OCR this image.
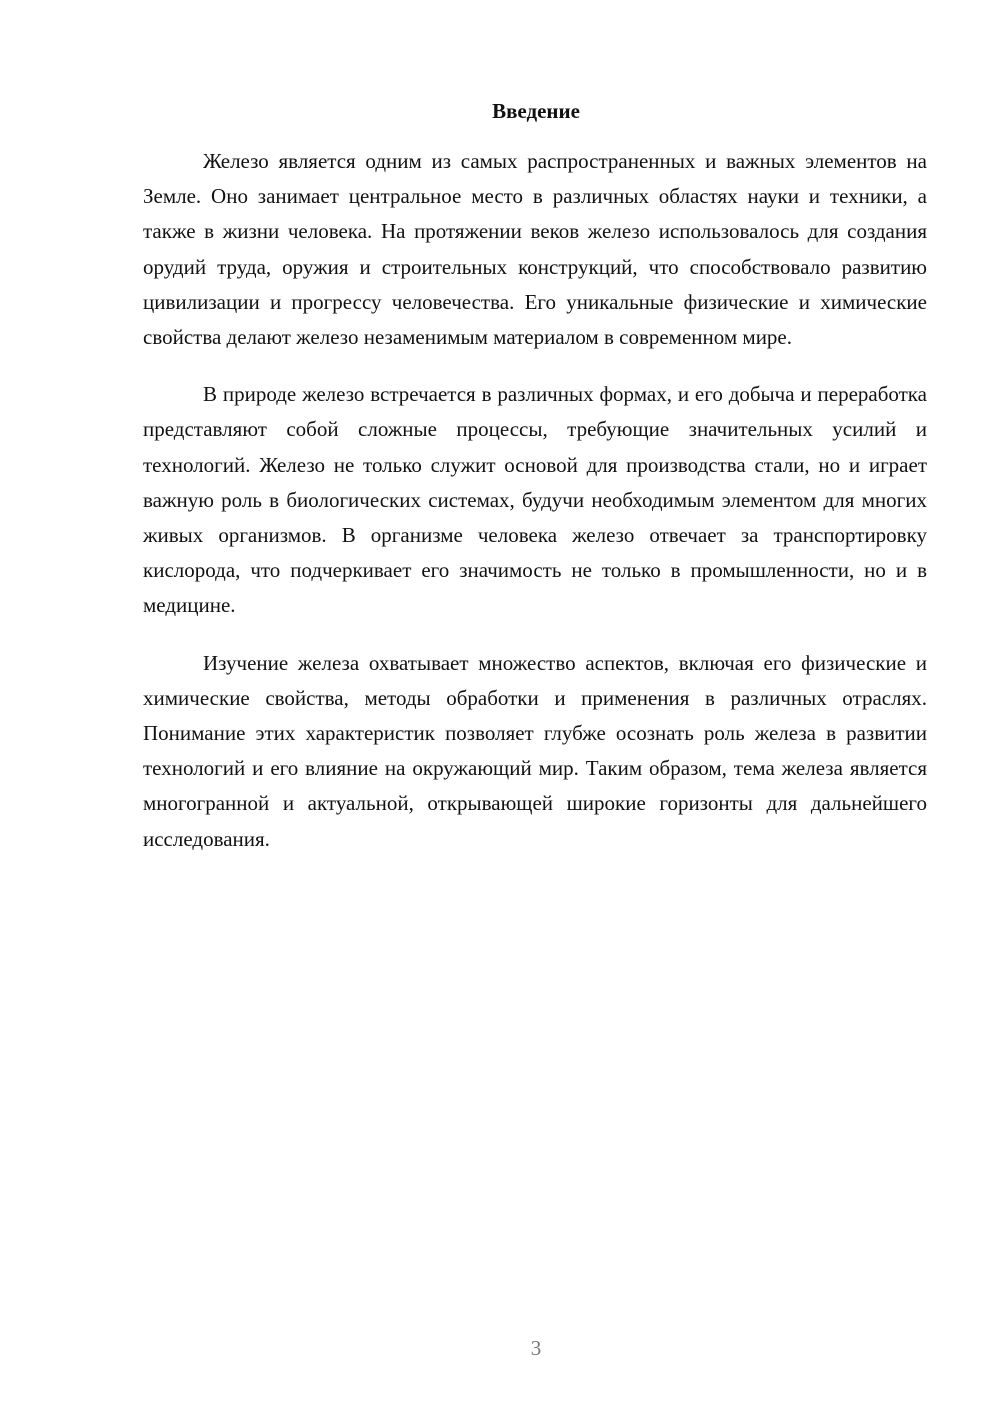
Введение

Железо является одним из самых распространенных и важных элементов на Земле. Оно занимает центральное место в различных областях науки и техники, а также в жизни человека. На протяжении веков железо использовалось для создания орудий труда, оружия и строительных конструкций, что способствовало развитию цивилизации и прогрессу человечества. Его уникальные физические и химические свойства делают железо незаменимым материалом в современном мире.

В природе железо встречается в различных формах, и его добыча и переработка представляют собой сложные процессы, требующие значительных усилий и технологий. Железо не только служит основой для производства стали, но и играет важную роль в биологических системах, будучи необходимым элементом для многих живых организмов. В организме человека железо отвечает за транспортировку кислорода, что подчеркивает его значимость не только в промышленности, но и в медицине.

Изучение железа охватывает множество аспектов, включая его физические и химические свойства, методы обработки и применения в различных отраслях. Понимание этих характеристик позволяет глубже осознать роль железа в развитии технологий и его влияние на окружающий мир. Таким образом, тема железа является многогранной и актуальной, открывающей широкие горизонты для дальнейшего исследования.

3
